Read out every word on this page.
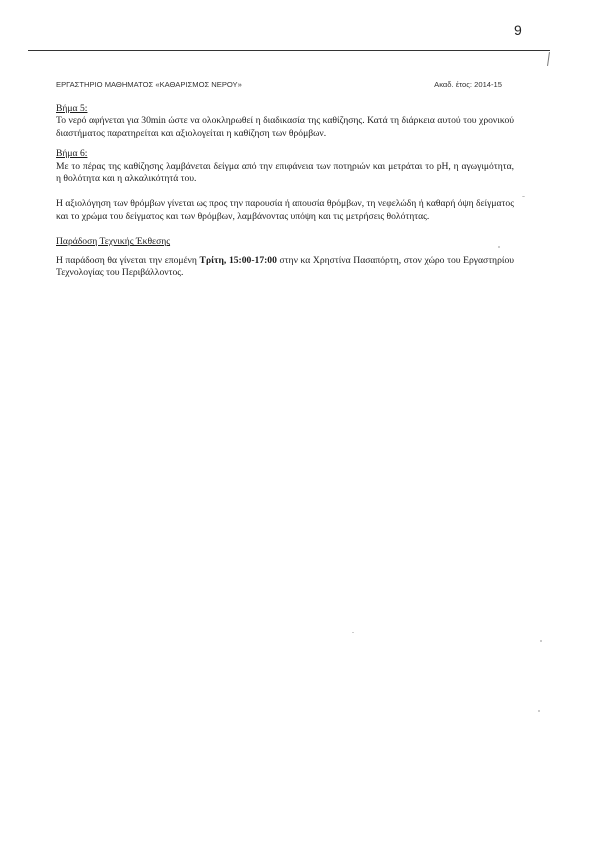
9
ΕΡΓΑΣΤΗΡΙΟ ΜΑΘΗΜΑΤΟΣ «ΚΑΘΑΡΙΣΜΟΣ ΝΕΡΟΥ»	Ακαδ. έτος: 2014-15

Βήμα 5:

Το νερό αφήνεται για 30min ώστε να ολοκληρωθεί η διαδικασία της καθίζησης. Κατά τη διάρκεια αυτού του χρονικού διαστήματος παρατηρείται και αξιολογείται η καθίζηση των θρόμβων.

Βήμα 6:

Με το πέρας της καθίζησης λαμβάνεται δείγμα από την επιφάνεια των ποτηριών και μετράται το pH, η αγωγιμότητα, η θολότητα και η αλκαλικότητά του.

Η αξιολόγηση των θρόμβων γίνεται ως προς την παρουσία ή απουσία θρόμβων, τη νεφελώδη ή καθαρή όψη δείγματος και το χρώμα του δείγματος και των θρόμβων, λαμβάνοντας υπόψη και τις μετρήσεις θολότητας.

Παράδοση Τεχνικής Έκθεσης

Η παράδοση θα γίνεται την επομένη Τρίτη, 15:00-17:00 στην κα Χρηστίνα Πασαπόρτη, στον χώρο του Εργαστηρίου Τεχνολογίας του Περιβάλλοντος.
